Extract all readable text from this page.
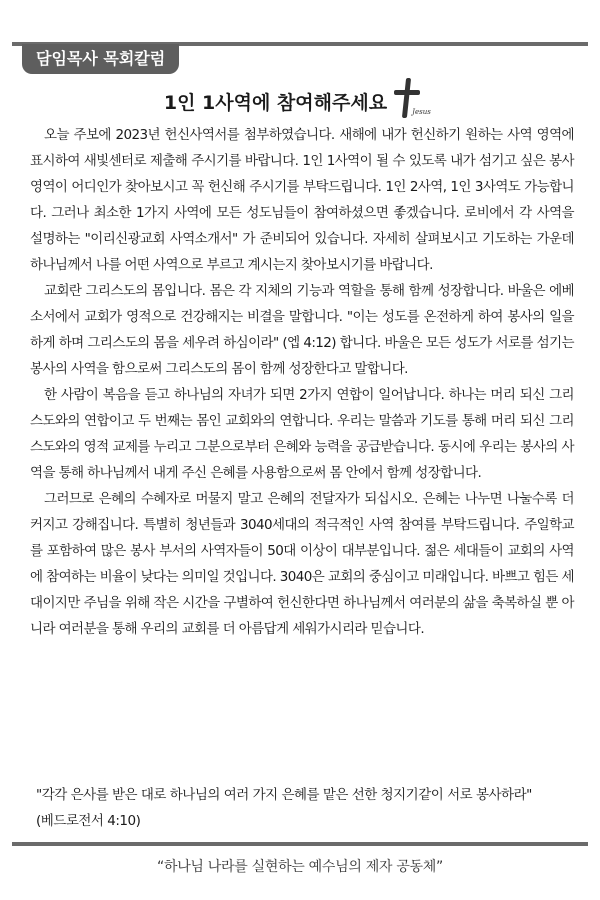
담임목사 목회칼럼
1인 1사역에 참여해주세요	Jesus

오늘 주보에 2023년 헌신사역서를 첨부하였습니다. 새해에 내가 헌신하기 원하는 사역 영역에 표시하여 새빛센터로 제출해 주시기를 바랍니다. 1인 1사역이 될 수 있도록 내가 섬기고 싶은 봉사 영역이 어디인가 찾아보시고 꼭 헌신해 주시기를 부탁드립니다. 1인 2사역, 1인 3사역도 가능합니다. 그러나 최소한 1가지 사역에 모든 성도님들이 참여하셨으면 좋겠습니다. 로비에서 각 사역을 설명하는 "이리신광교회 사역소개서" 가 준비되어 있습니다. 자세히 살펴보시고 기도하는 가운데 하나님께서 나를 어떤 사역으로 부르고 계시는지 찾아보시기를 바랍니다.

교회란 그리스도의 몸입니다. 몸은 각 지체의 기능과 역할을 통해 함께 성장합니다. 바울은 에베소서에서 교회가 영적으로 건강해지는 비결을 말합니다. "이는 성도를 온전하게 하여 봉사의 일을 하게 하며 그리스도의 몸을 세우려 하심이라" (엡 4:12) 합니다. 바울은 모든 성도가 서로를 섬기는 봉사의 사역을 함으로써 그리스도의 몸이 함께 성장한다고 말합니다.

한 사람이 복음을 듣고 하나님의 자녀가 되면 2가지 연합이 일어납니다. 하나는 머리 되신 그리스도와의 연합이고 두 번째는 몸인 교회와의 연합니다. 우리는 말씀과 기도를 통해 머리 되신 그리스도와의 영적 교제를 누리고 그분으로부터 은혜와 능력을 공급받습니다. 동시에 우리는 봉사의 사역을 통해 하나님께서 내게 주신 은혜를 사용함으로써 몸 안에서 함께 성장합니다.

그러므로 은혜의 수혜자로 머물지 말고 은혜의 전달자가 되십시오. 은혜는 나누면 나눌수록 더 커지고 강해집니다. 특별히 청년들과 3040세대의 적극적인 사역 참여를 부탁드립니다. 주일학교를 포함하여 많은 봉사 부서의 사역자들이 50대 이상이 대부분입니다. 젊은 세대들이 교회의 사역에 참여하는 비율이 낮다는 의미일 것입니다. 3040은 교회의 중심이고 미래입니다. 바쁘고 힘든 세대이지만 주님을 위해 작은 시간을 구별하여 헌신한다면 하나님께서 여러분의 삶을 축복하실 뿐 아니라 여러분을 통해 우리의 교회를 더 아름답게 세워가시리라 믿습니다.

"각각 은사를 받은 대로 하나님의 여러 가지 은혜를 맡은 선한 청지기같이 서로 봉사하라"
(베드로전서 4:10)
“하나님 나라를 실현하는 예수님의 제자 공동체”
